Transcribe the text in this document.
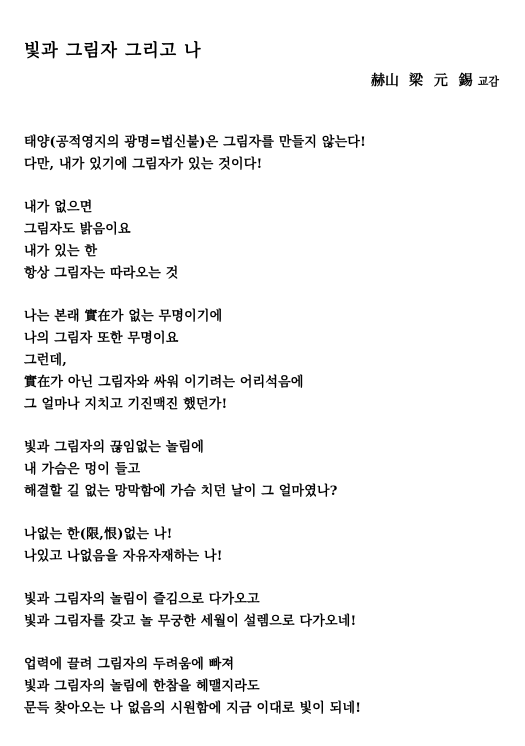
빛과 그림자 그리고 나
赫山 梁 元 錫 교감
태양(공적영지의 광명=법신불)은 그림자를 만들지 않는다!
다만, 내가 있기에 그림자가 있는 것이다!
내가 없으면
그림자도 밝음이요
내가 있는 한
항상 그림자는 따라오는 것
나는 본래 實在가 없는 무명이기에
나의 그림자 또한 무명이요
그런데,
實在가 아닌 그림자와 싸워 이기려는 어리석음에
그 얼마나 지치고 기진맥진 했던가!
빛과 그림자의 끊임없는 놀림에
내 가슴은 멍이 들고
해결할 길 없는 망막함에 가슴 치던 날이 그 얼마였나?
나없는 한(限,恨)없는 나!
나있고 나없음을 자유자재하는 나!
빛과 그림자의 놀림이 즐김으로 다가오고
빛과 그림자를 갖고 놀 무궁한 세월이 설렘으로 다가오네!
업력에 끌려 그림자의 두려움에 빠져
빛과 그림자의 놀림에 한참을 헤맬지라도
문득 찾아오는 나 없음의 시원함에 지금 이대로 빛이 되네!
